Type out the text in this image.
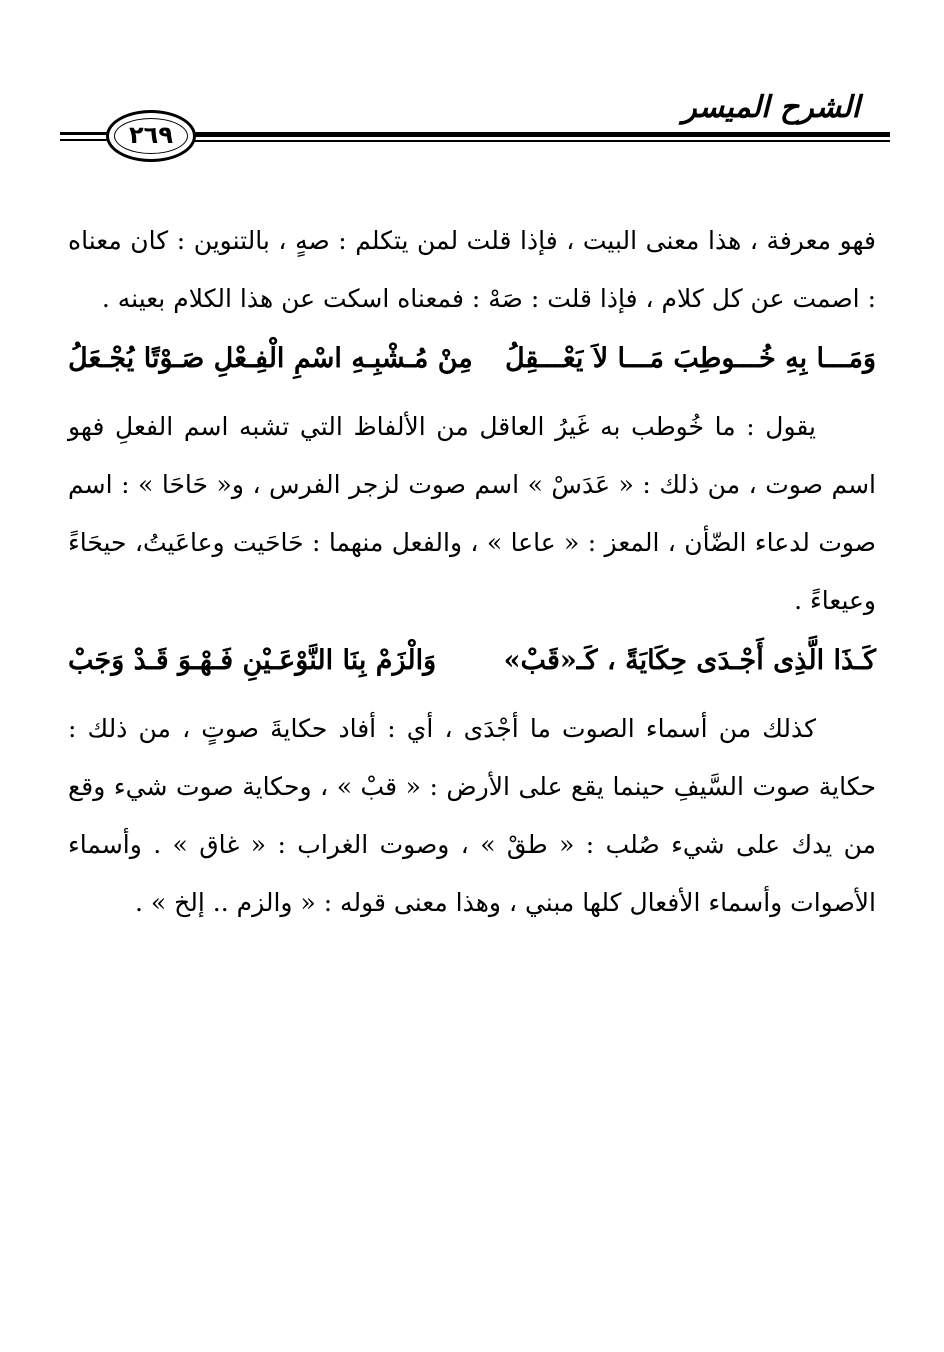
الشرح الميسر
٢٦٩

فهو معرفة ، هذا معنى البيت ، فإذا قلت لمن يتكلم : صهٍ ، بالتنوين : كان معناه : اصمت عن كل كلام ، فإذا قلت : صَهْ : فمعناه اسكت عن هذا الكلام بعينه .

وَمَـــا بِهِ خُـــوطِبَ مَـــا لاَ يَعْـــقِلُ
مِنْ مُـشْبِـهِ اسْمِ الْفِـعْلِ صَـوْتًا يُجْـعَلُ

يقول : ما خُوطب به غَيرُ العاقل من الألفاظ التي تشبه اسم الفعلِ فهو اسم صوت ، من ذلك : « عَدَسْ » اسم صوت لزجر الفرس ، و« حَاحَا » : اسم صوت لدعاء الضّأن ، المعز : « عاعا » ، والفعل منهما : حَاحَيت وعاعَيتُ، حيحَاءً وعيعاءً .

كَـذَا الَّذِى أَجْـدَى حِكَايَةً ، كَـ«قَبْ»
وَالْزَمْ بِنَا النَّوْعَـيْنِ فَـهْـوَ قَـدْ وَجَبْ

كذلك من أسماء الصوت ما أجْدَى ، أي : أفاد حكايةَ صوتٍ ، من ذلك : حكاية صوت السَّيفِ حينما يقع على الأرض : « قبْ » ، وحكاية صوت شيء وقع من يدك على شيء صُلب : « طقْ » ، وصوت الغراب : « غاق » . وأسماء الأصوات وأسماء الأفعال كلها مبني ، وهذا معنى قوله : « والزم .. إلخ » .
